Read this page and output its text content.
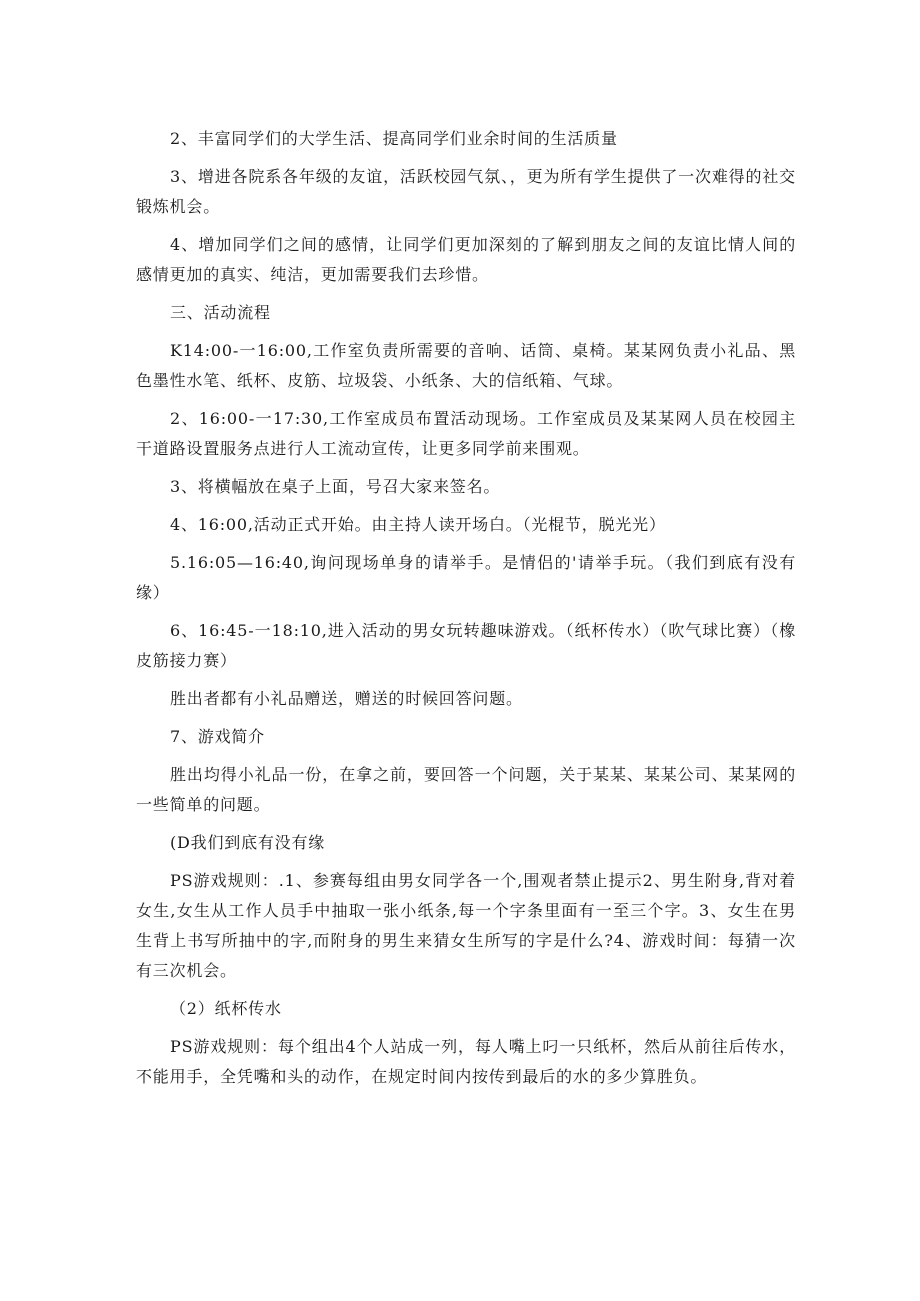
2、丰富同学们的大学生活、提高同学们业余时间的生活质量

3、增进各院系各年级的友谊，活跃校园气氛、，更为所有学生提供了一次难得的社交锻炼机会。

4、增加同学们之间的感情，让同学们更加深刻的了解到朋友之间的友谊比情人间的感情更加的真实、纯洁，更加需要我们去珍惜。

三、活动流程

K14:00-一16:00,工作室负责所需要的音响、话筒、桌椅。某某网负责小礼品、黑色墨性水笔、纸杯、皮筋、垃圾袋、小纸条、大的信纸箱、气球。

2、16:00-一17:30,工作室成员布置活动现场。工作室成员及某某网人员在校园主干道路设置服务点进行人工流动宣传，让更多同学前来围观。

3、将横幅放在桌子上面，号召大家来签名。

4、16:00,活动正式开始。由主持人读开场白。（光棍节，脱光光）

5.16:05—16:40,询问现场单身的请举手。是情侣的'请举手玩。（我们到底有没有缘）

6、16:45-一18:10,进入活动的男女玩转趣味游戏。（纸杯传水）（吹气球比赛）（橡皮筋接力赛）

胜出者都有小礼品赠送，赠送的时候回答问题。

7、游戏简介

胜出均得小礼品一份，在拿之前，要回答一个问题，关于某某、某某公司、某某网的一些简单的问题。

(D我们到底有没有缘

PS游戏规则：.1、参赛每组由男女同学各一个,围观者禁止提示2、男生附身,背对着女生,女生从工作人员手中抽取一张小纸条,每一个字条里面有一至三个字。3、女生在男生背上书写所抽中的字,而附身的男生来猜女生所写的字是什么?4、游戏时间：每猜一次有三次机会。

（2）纸杯传水

PS游戏规则：每个组出4个人站成一列，每人嘴上叼一只纸杯，然后从前往后传水，不能用手，全凭嘴和头的动作，在规定时间内按传到最后的水的多少算胜负。
